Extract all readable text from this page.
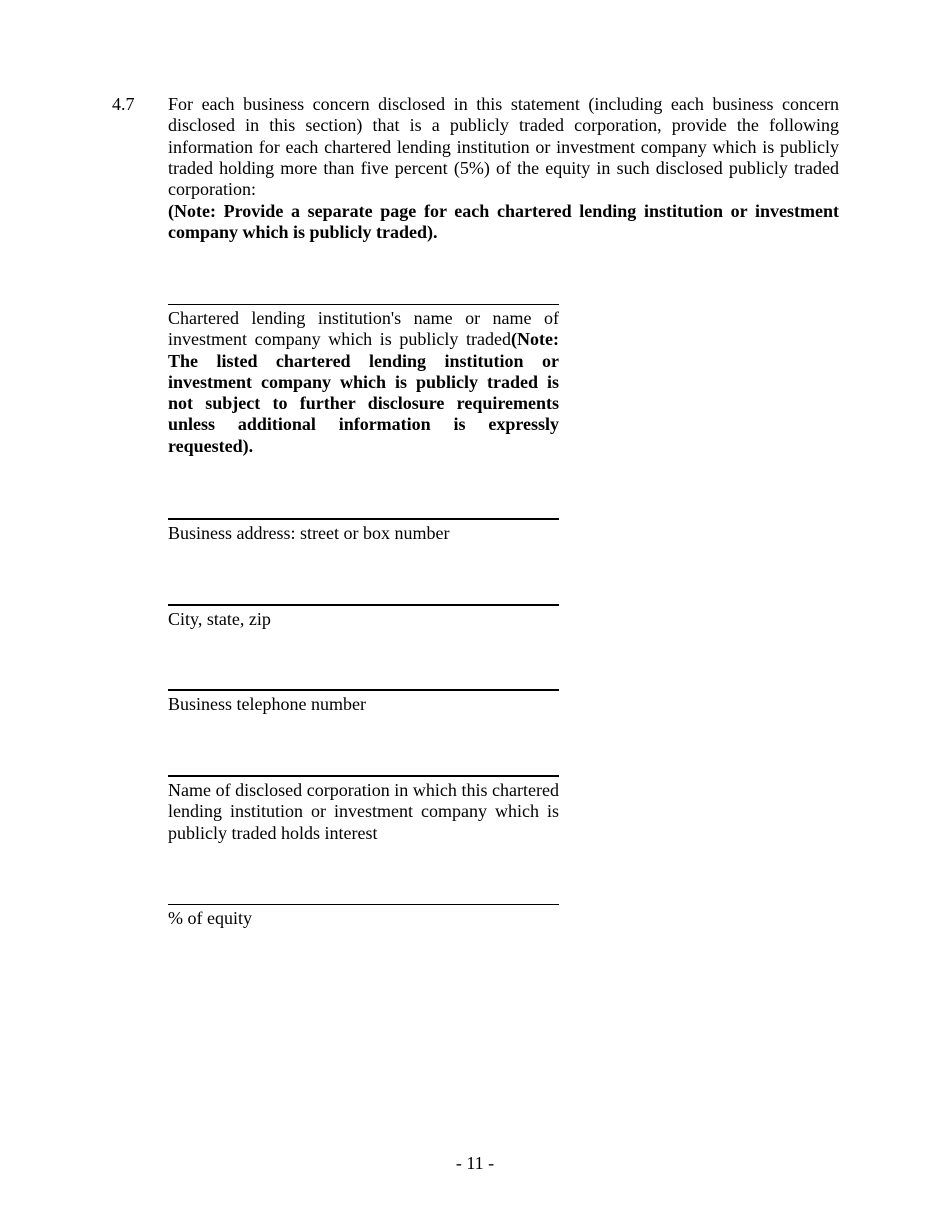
4.7 For each business concern disclosed in this statement (including each business concern disclosed in this section) that is a publicly traded corporation, provide the following information for each chartered lending institution or investment company which is publicly traded holding more than five percent (5%) of the equity in such disclosed publicly traded corporation:

(Note: Provide a separate page for each chartered lending institution or investment company which is publicly traded).

Chartered lending institution's name or name of investment company which is publicly traded(Note: The listed chartered lending institution or investment company which is publicly traded is not subject to further disclosure requirements unless additional information is expressly requested).

Business address: street or box number

City, state, zip

Business telephone number

Name of disclosed corporation in which this chartered lending institution or investment company which is publicly traded holds interest

% of equity

- 11 -
